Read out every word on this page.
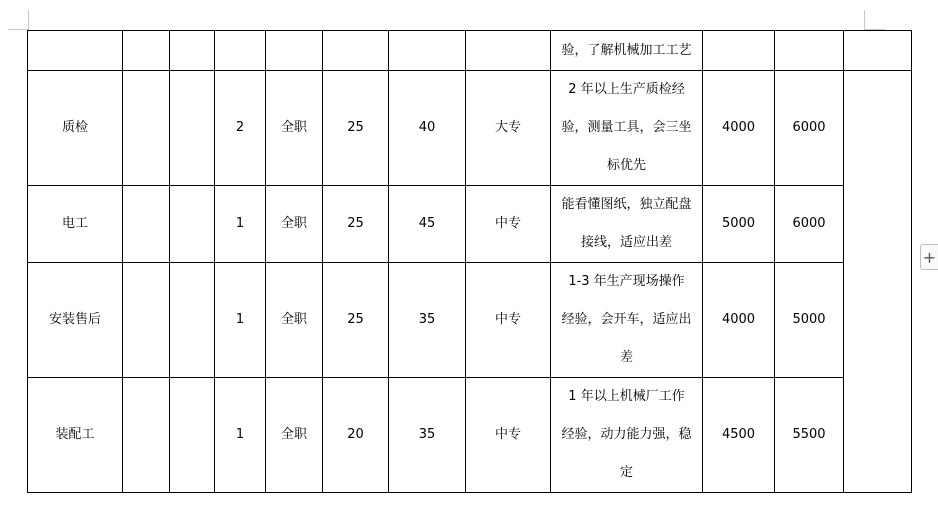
								验，了解机械加工工艺			

质检			2	全职	25	40	大专	2 年以上生产质检经
验，测量工具，会三坐
标优先	4000	6000	
电工			1	全职	25	45	中专	能看懂图纸，独立配盘
接线，适应出差	5000	6000	
安装售后			1	全职	25	35	中专	1-3 年生产现场操作
经验，会开车，适应出
差	4000	5000	
装配工			1	全职	20	35	中专	1 年以上机械厂工作
经验，动力能力强，稳
定	4500	5500	
+
